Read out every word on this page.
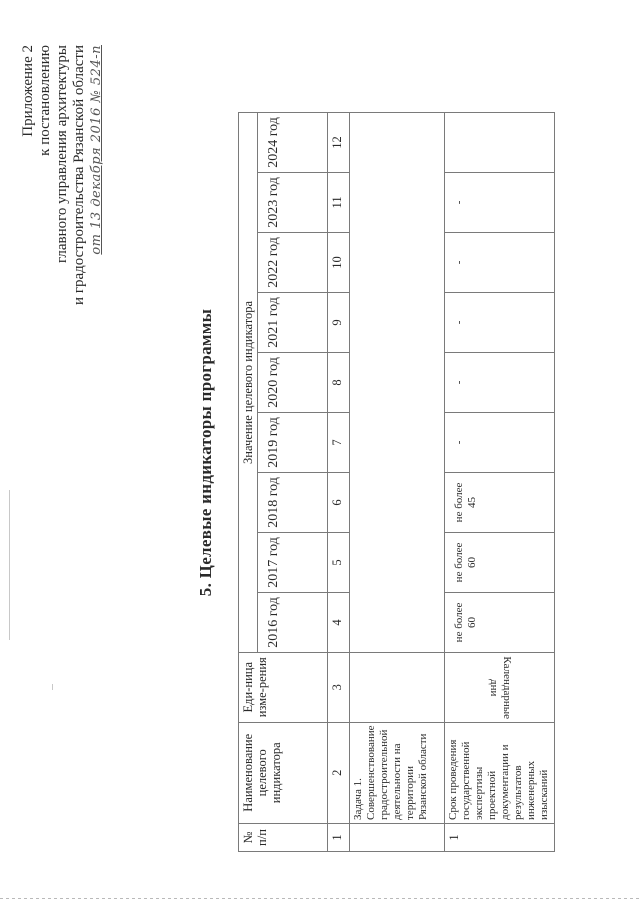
Приложение 2 к постановлению главного управления архитектуры и градостроительства Рязанской области от 13 декабря 2016 № 524-п
5. Целевые индикаторы программы
№ п/п	Наименование целевого индикатора	Еди-ница изме-рения	Значение целевого индикатора								
			2016 год	2017 год	2018 год	2019 год	2020 год	2021 год	2022 год	2023 год	2024 год
1	2	3	4	5	6	7	8	9	10	11	12
	Задача 1. Совершенствование градостроительной деятельности на территории Рязанской области										
1	Срок проведения государственной экспертизы проектной документации и результатов инженерных изысканий	Календарные дни	не более 60	не более 60	не более 45	-	-	-	-	-	
